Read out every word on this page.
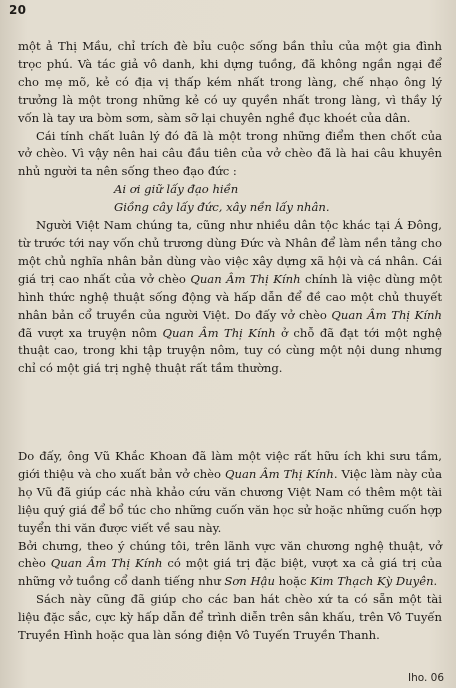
20

một ả Thị Mầu, chỉ trích đè bỉu cuộc sống bần thỉu của một gia đình trọc phú. Và tác giả vô danh, khi dựng tuồng, đã không ngần ngại để cho mẹ mõ, kẻ có địa vị thấp kém nhất trong làng, chế nhạo ông lý trưởng là một trong những kẻ có uy quyền nhất trong làng, vì thầy lý vốn là tay ưa bòm sơm, sàm sỡ lại chuyên nghề đục khoét của dân.

Cái tính chất luân lý đó đã là một trong những điểm then chốt của vở chèo. Vì vậy nên hai câu đầu tiên của vở chèo đã là hai câu khuyên nhủ người ta nên sống theo đạo đức :

Ai ơi giữ lấy đạo hiền
Giồng cây lấy đức, xây nền lấy nhân.

Người Việt Nam chúng ta, cũng như nhiều dân tộc khác tại Á Đông, từ trước tới nay vốn chủ trương dùng Đức và Nhân để làm nền tảng cho một chủ nghĩa nhân bản dùng vào việc xây dựng xã hội và cá nhân. Cái giá trị cao nhất của vở chèo Quan Âm Thị Kính chính là việc dùng một hình thức nghệ thuật sống động và hấp dẫn để đề cao một chủ thuyết nhân bản cổ truyền của người Việt. Do đấy vở chèo Quan Âm Thị Kính đã vượt xa truyện nôm Quan Âm Thị Kính ở chỗ đã đạt tới một nghệ thuật cao, trong khi tập truyện nôm, tuy có cùng một nội dung nhưng chỉ có một giá trị nghệ thuật rất tầm thường.

Do đấy, ông Vũ Khắc Khoan đã làm một việc rất hữu ích khi sưu tầm, giới thiệu và cho xuất bản vở chèo Quan Âm Thị Kính. Việc làm này của họ Vũ đã giúp các nhà khảo cứu văn chương Việt Nam có thêm một tài liệu quý giá để bổ túc cho những cuốn văn học sử hoặc những cuốn hợp tuyển thi văn được viết về sau này.

Bởi chưng, theo ý chúng tôi, trên lãnh vực văn chương nghệ thuật, vở chèo Quan Âm Thị Kính có một giá trị đặc biệt, vượt xa cả giá trị của những vở tuồng cổ danh tiếng như Sơn Hậu hoặc Kim Thạch Kỳ Duyên.

Sách này cũng đã giúp cho các ban hát chèo xứ ta có sẵn một tài liệu đặc sắc, cực kỳ hấp dẫn để trình diễn trên sân khấu, trên Vô Tuyến Truyền Hình hoặc qua làn sóng điện Vô Tuyến Truyền Thanh.

Iho. 06
